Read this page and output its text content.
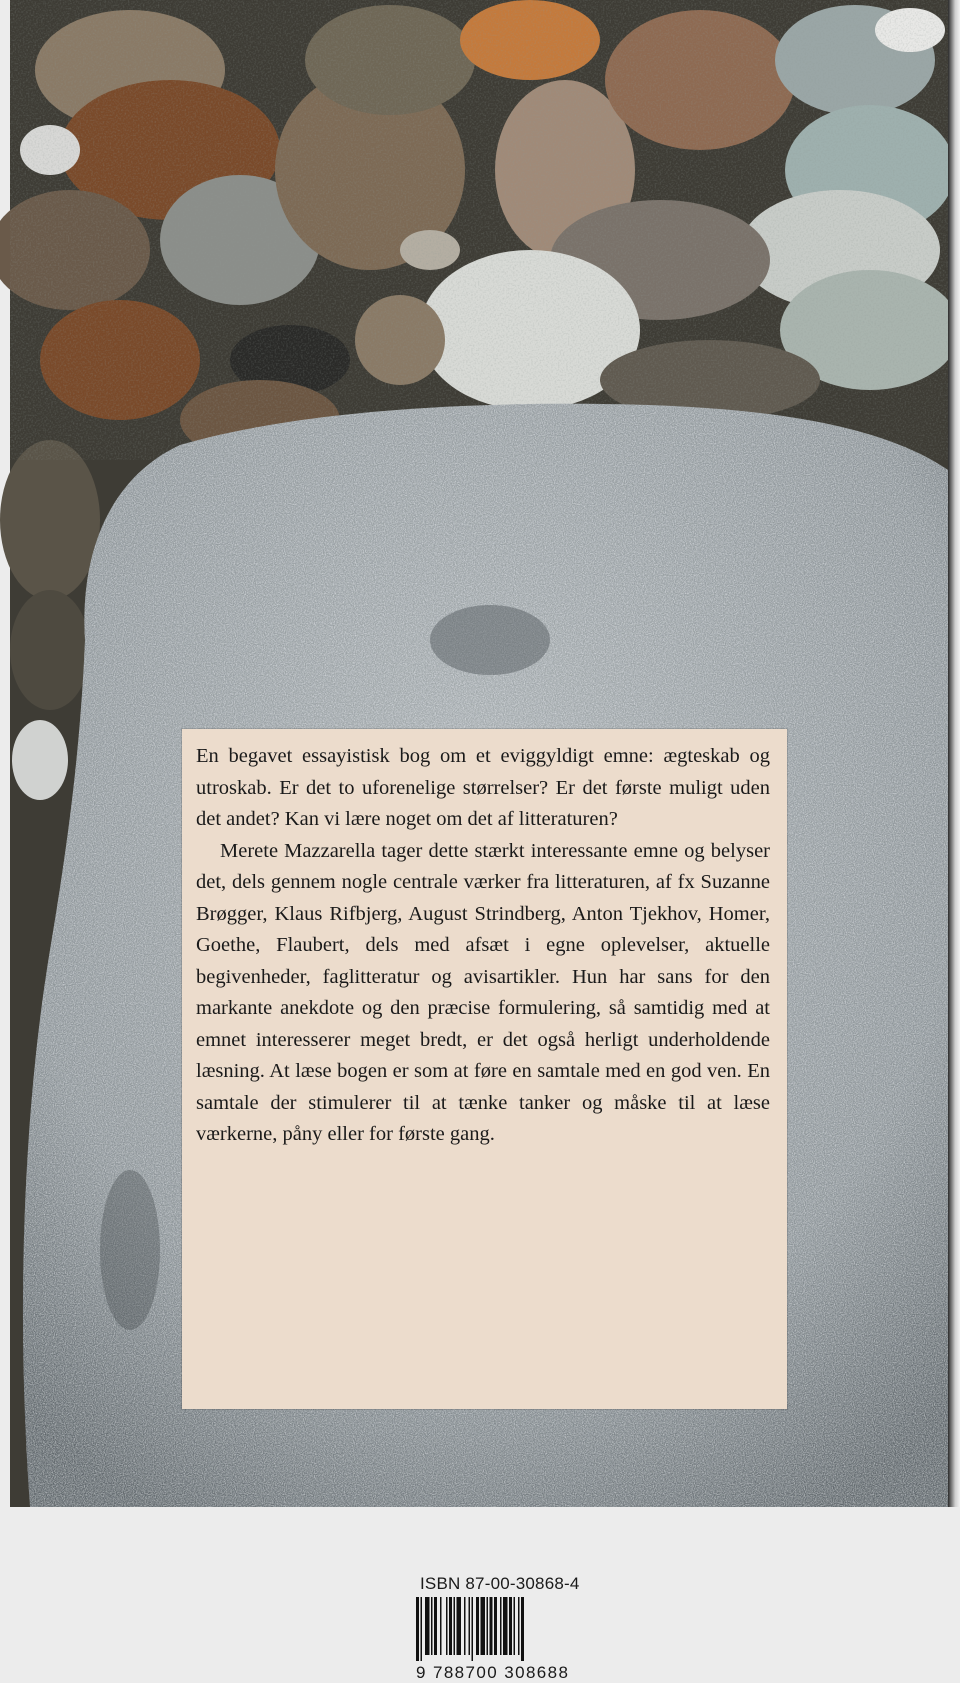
En begavet essayistisk bog om et eviggyldigt emne: ægteskab og utroskab. Er det to uforenelige størrelser? Er det første muligt uden det andet? Kan vi lære noget om det af litteraturen?

Merete Mazzarella tager dette stærkt interessante emne og belyser det, dels gennem nogle centrale værker fra litteraturen, af fx Suzanne Brøgger, Klaus Rifbjerg, August Strindberg, Anton Tjekhov, Homer, Goethe, Flaubert, dels med afsæt i egne oplevelser, aktuelle begivenheder, faglitteratur og avisartikler. Hun har sans for den markante anekdote og den præcise formulering, så samtidig med at emnet interesserer meget bredt, er det også herligt underholdende læsning. At læse bogen er som at føre en samtale med en god ven. En samtale der stimulerer til at tænke tanker og måske til at læse værkerne, påny eller for første gang.

ISBN 87-00-30868-4
9 788700 308688
